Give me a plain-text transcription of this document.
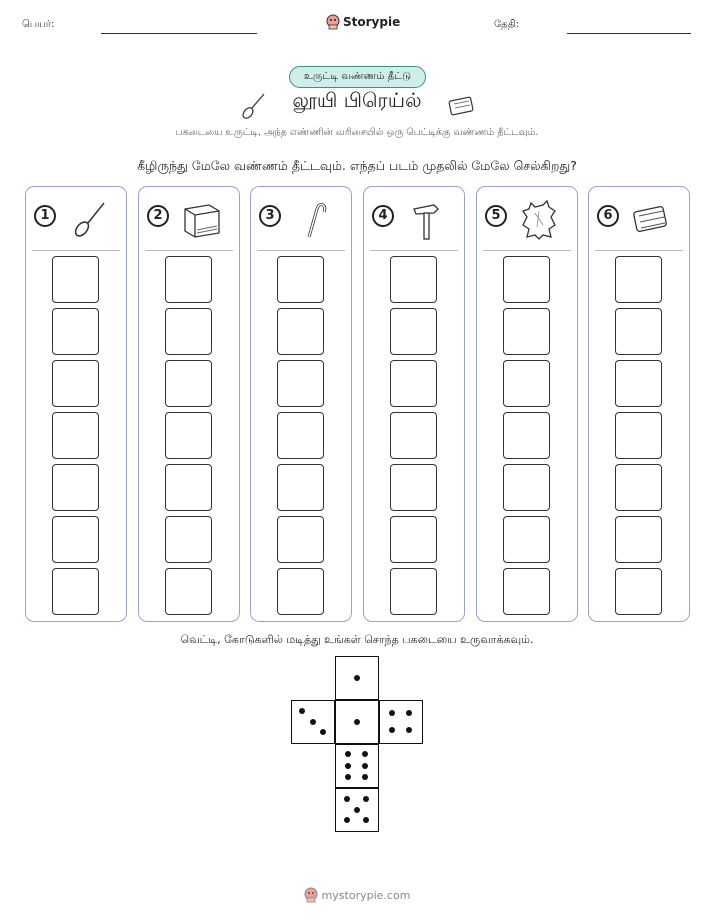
பெயர்:	Storypie	தேதி:
உருட்டி வண்ணம் தீட்டு
லூயி பிரெய்ல்
பகடையை உருட்டி, அந்த எண்ணின் வரிசையில் ஒரு பெட்டிக்கு வண்ணம் தீட்டவும்.
கீழிருந்து மேலே வண்ணம் தீட்டவும். எந்தப் படம் முதலில் மேலே செல்கிறது?
1	2	3	4	5	6
வெட்டி, கோடுகளில் மடித்து உங்கள் சொந்த பகடையை உருவாக்கவும்.
mystorypie.com
